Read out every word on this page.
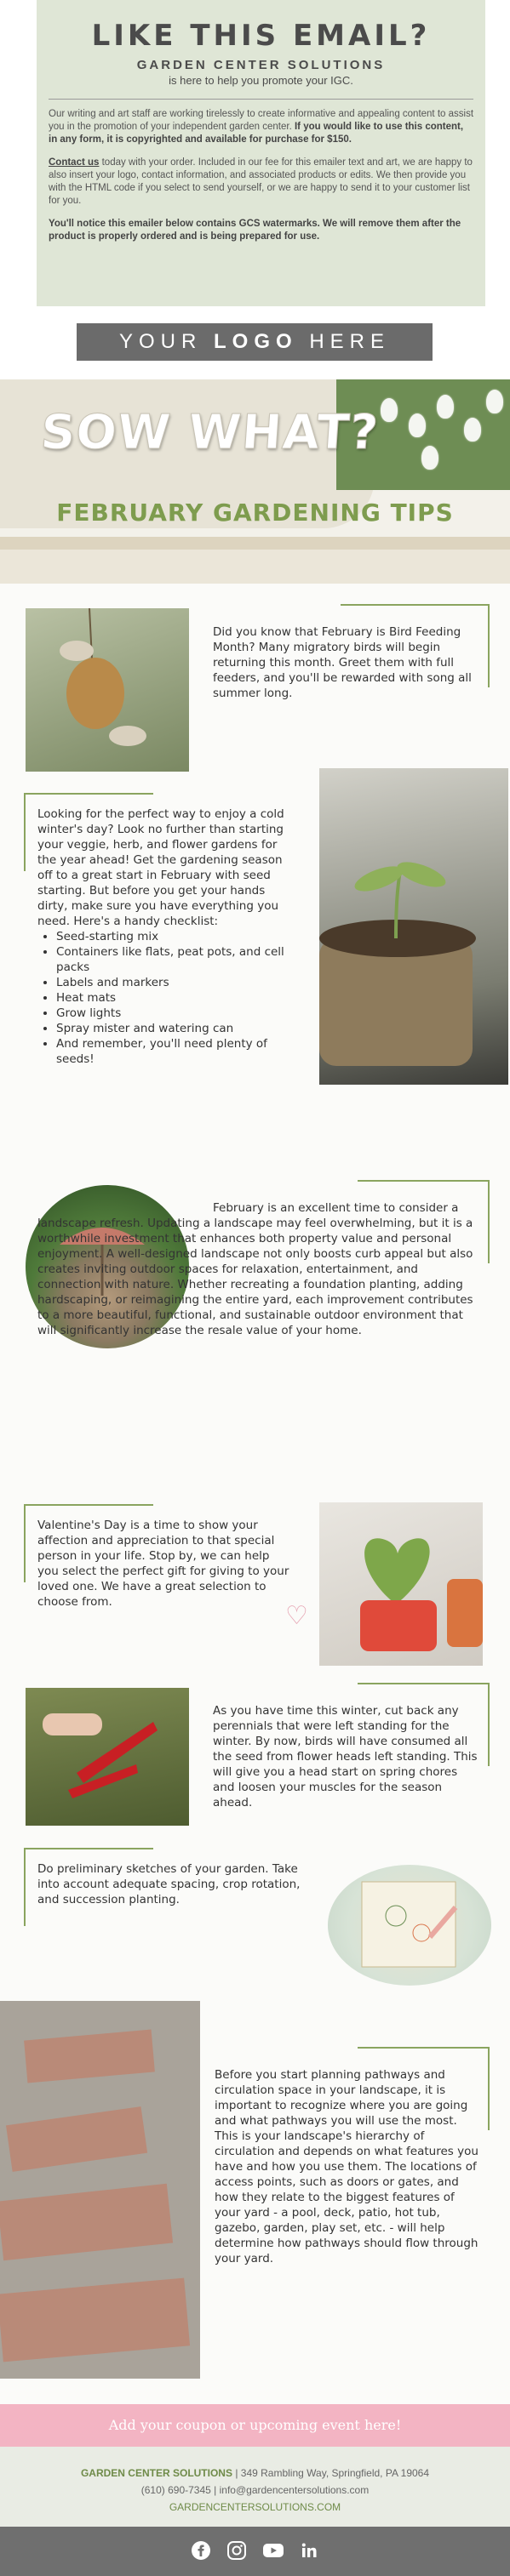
LIKE THIS EMAIL?
GARDEN CENTER SOLUTIONS
is here to help you promote your IGC.

Our writing and art staff are working tirelessly to create informative and appealing content to assist you in the promotion of your independent garden center. If you would like to use this content, in any form, it is copyrighted and available for purchase for $150.

Contact us today with your order. Included in our fee for this emailer text and art, we are happy to also insert your logo, contact information, and associated products or edits. We then provide you with the HTML code if you select to send yourself, or we are happy to send it to your customer list for you.

You'll notice this emailer below contains GCS watermarks. We will remove them after the product is properly ordered and is being prepared for use.

YOUR LOGO HERE
SOW WHAT?
FEBRUARY GARDENING TIPS
Did you know that February is Bird Feeding Month? Many migratory birds will begin returning this month. Greet them with full feeders, and you'll be rewarded with song all summer long.
Looking for the perfect way to enjoy a cold winter's day? Look no further than starting your veggie, herb, and flower gardens for the year ahead! Get the gardening season off to a great start in February with seed starting. But before you get your hands dirty, make sure you have everything you need. Here's a handy checklist:
• Seed-starting mix
• Containers like flats, peat pots, and cell packs
• Labels and markers
• Heat mats
• Grow lights
• Spray mister and watering can
• And remember, you'll need plenty of seeds!
February is an excellent time to consider a landscape refresh. Updating a landscape may feel overwhelming, but it is a worthwhile investment that enhances both property value and personal enjoyment. A well-designed landscape not only boosts curb appeal but also creates inviting outdoor spaces for relaxation, entertainment, and connection with nature. Whether recreating a foundation planting, adding hardscaping, or reimagining the entire yard, each improvement contributes to a more beautiful, functional, and sustainable outdoor environment that will significantly increase the resale value of your home.
♡
Valentine's Day is a time to show your affection and appreciation to that special person in your life. Stop by, we can help you select the perfect gift for giving to your loved one. We have a great selection to choose from.
As you have time this winter, cut back any perennials that were left standing for the winter. By now, birds will have consumed all the seed from flower heads left standing. This will give you a head start on spring chores and loosen your muscles for the season ahead.
Do preliminary sketches of your garden. Take into account adequate spacing, crop rotation, and succession planting.
Before you start planning pathways and circulation space in your landscape, it is important to recognize where you are going and what pathways you will use the most. This is your landscape's hierarchy of circulation and depends on what features you have and how you use them. The locations of access points, such as doors or gates, and how they relate to the biggest features of your yard - a pool, deck, patio, hot tub, gazebo, garden, play set, etc. - will help determine how pathways should flow through your yard.
Add your coupon or upcoming event here!
GARDEN CENTER SOLUTIONS | 349 Rambling Way, Springfield, PA 19064
(610) 690-7345 | info@gardencentersolutions.com
GARDENCENTERSOLUTIONS.COM
